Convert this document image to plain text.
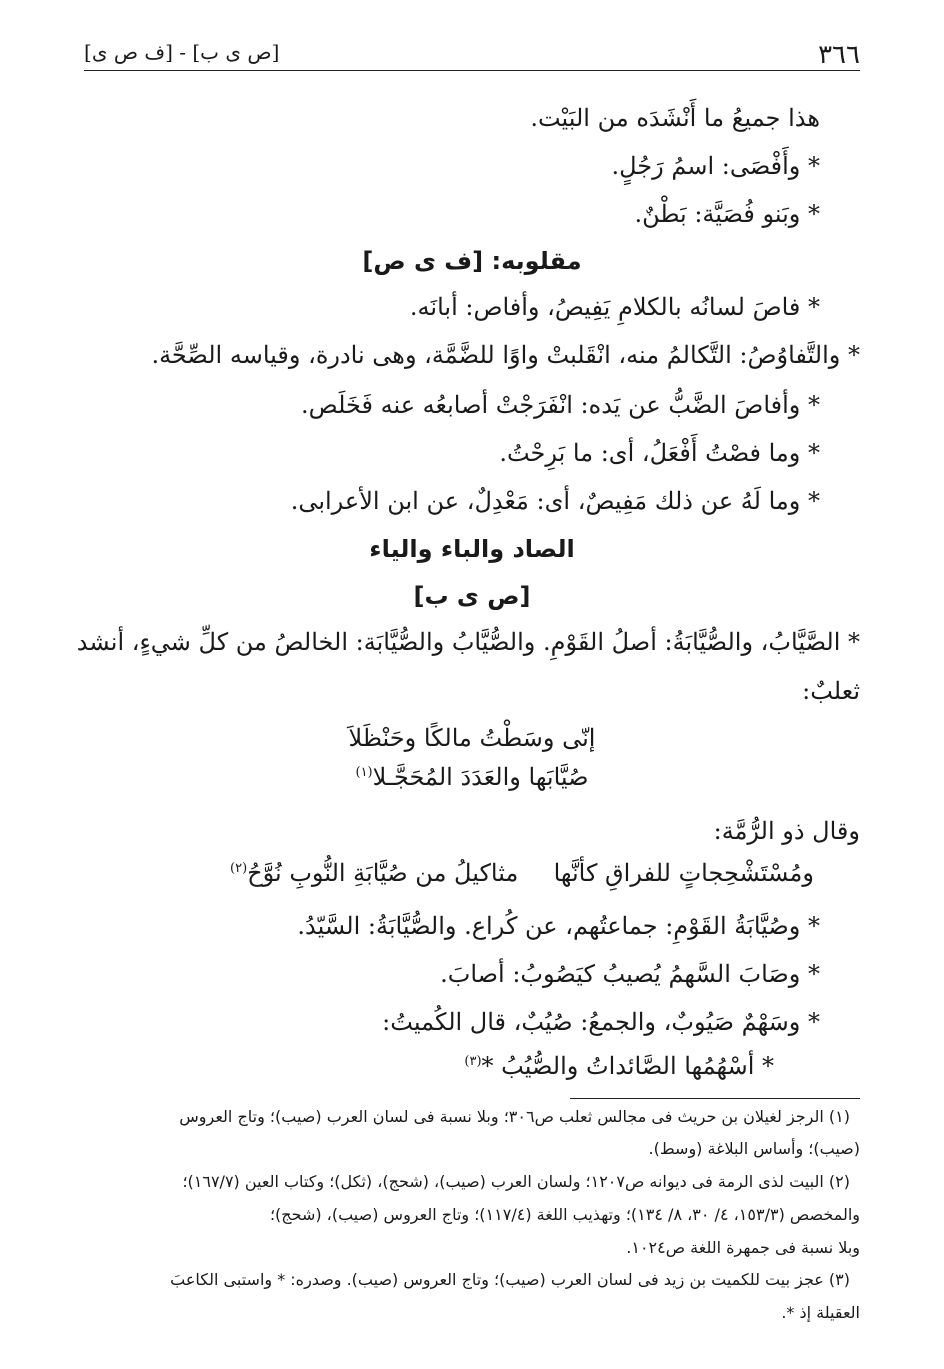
٣٦٦
[ف ص ى] - [ص ى ب]
هذا جميعُ ما أَنْشَدَه من البَيْت.
* وأَفْصَى: اسمُ رَجُلٍ.
* وبَنو فُصَيَّة: بَطْنٌ.
مقلوبه: [ف ى ص]
* فاصَ لسانُه بالكلامِ يَفِيصُ، وأفاص: أبانَه.
* والتَّفاوُصُ: التَّكالمُ منه، انْقَلبتْ واوًا للضَّمَّة، وهى نادرة، وقياسه الصِّحَّة.
* وأفاصَ الضَّبُّ عن يَده: انْفَرَجْتْ أصابعُه عنه فَخَلَص.
* وما فصْتُ أَفْعَلُ، أى: ما بَرِحْتُ.
* وما لَهُ عن ذلك مَفِيصٌ، أى: مَعْدِلٌ، عن ابن الأعرابى.
الصاد والباء والياء
[ص ى ب]
* الصَّيَّابُ، والصُّيَّابَةُ: أصلُ القَوْمِ. والصُّيَّابُ والصُّيَّابَة: الخالصُ من كلِّ شيءٍ، أنشد
ثعلبٌ:
إنّى وسَطْتُ مالكًا وحَنْظَلاَ
صُيَّابَها والعَدَدَ المُحَجَّـلا$^{(١)}$
وقال ذو الرُّمَّة:
ومُسْتَشْحِجاتٍ للفراقِ كأنَّها
مثاكيلُ من صُيَّابَةِ النُّوبِ نُوَّحُ$^{(٢)}$
* وصُيَّابَةُ القَوْمِ: جماعتُهم، عن كُراع. والصُّيَّابَةُ: السَّيّدُ.
* وصَابَ السَّهمُ يُصيبُ كيَصُوبُ: أصابَ.
* وسَهْمٌ صَيُوبٌ، والجمعُ: صُيُبٌ، قال الكُميتُ:
* أسْهُمُها الصَّائداتُ والصُّيُبُ *$^{(٣)}$
(١) الرجز لغيلان بن حريث فى مجالس ثعلب ص٣٠٦؛ وبلا نسبة فى لسان العرب (صيب)؛ وتاج العروس
(صيب)؛ وأساس البلاغة (وسط).
(٢) البيت لذى الرمة فى ديوانه ص١٢٠٧؛ ولسان العرب (صيب)، (شحج)، (ثكل)؛ وكتاب العين (١٦٧/٧)؛
والمخصص (١٥٣/٣، ٤/ ٣٠، ٨/ ١٣٤)؛ وتهذيب اللغة (١١٧/٤)؛ وتاج العروس (صيب)، (شحج)؛
وبلا نسبة فى جمهرة اللغة ص١٠٢٤.
(٣) عجز بيت للكميت بن زيد فى لسان العرب (صيب)؛ وتاج العروس (صيب). وصدره: * واستبى الكاعبَ
العقيلة إذ *.
